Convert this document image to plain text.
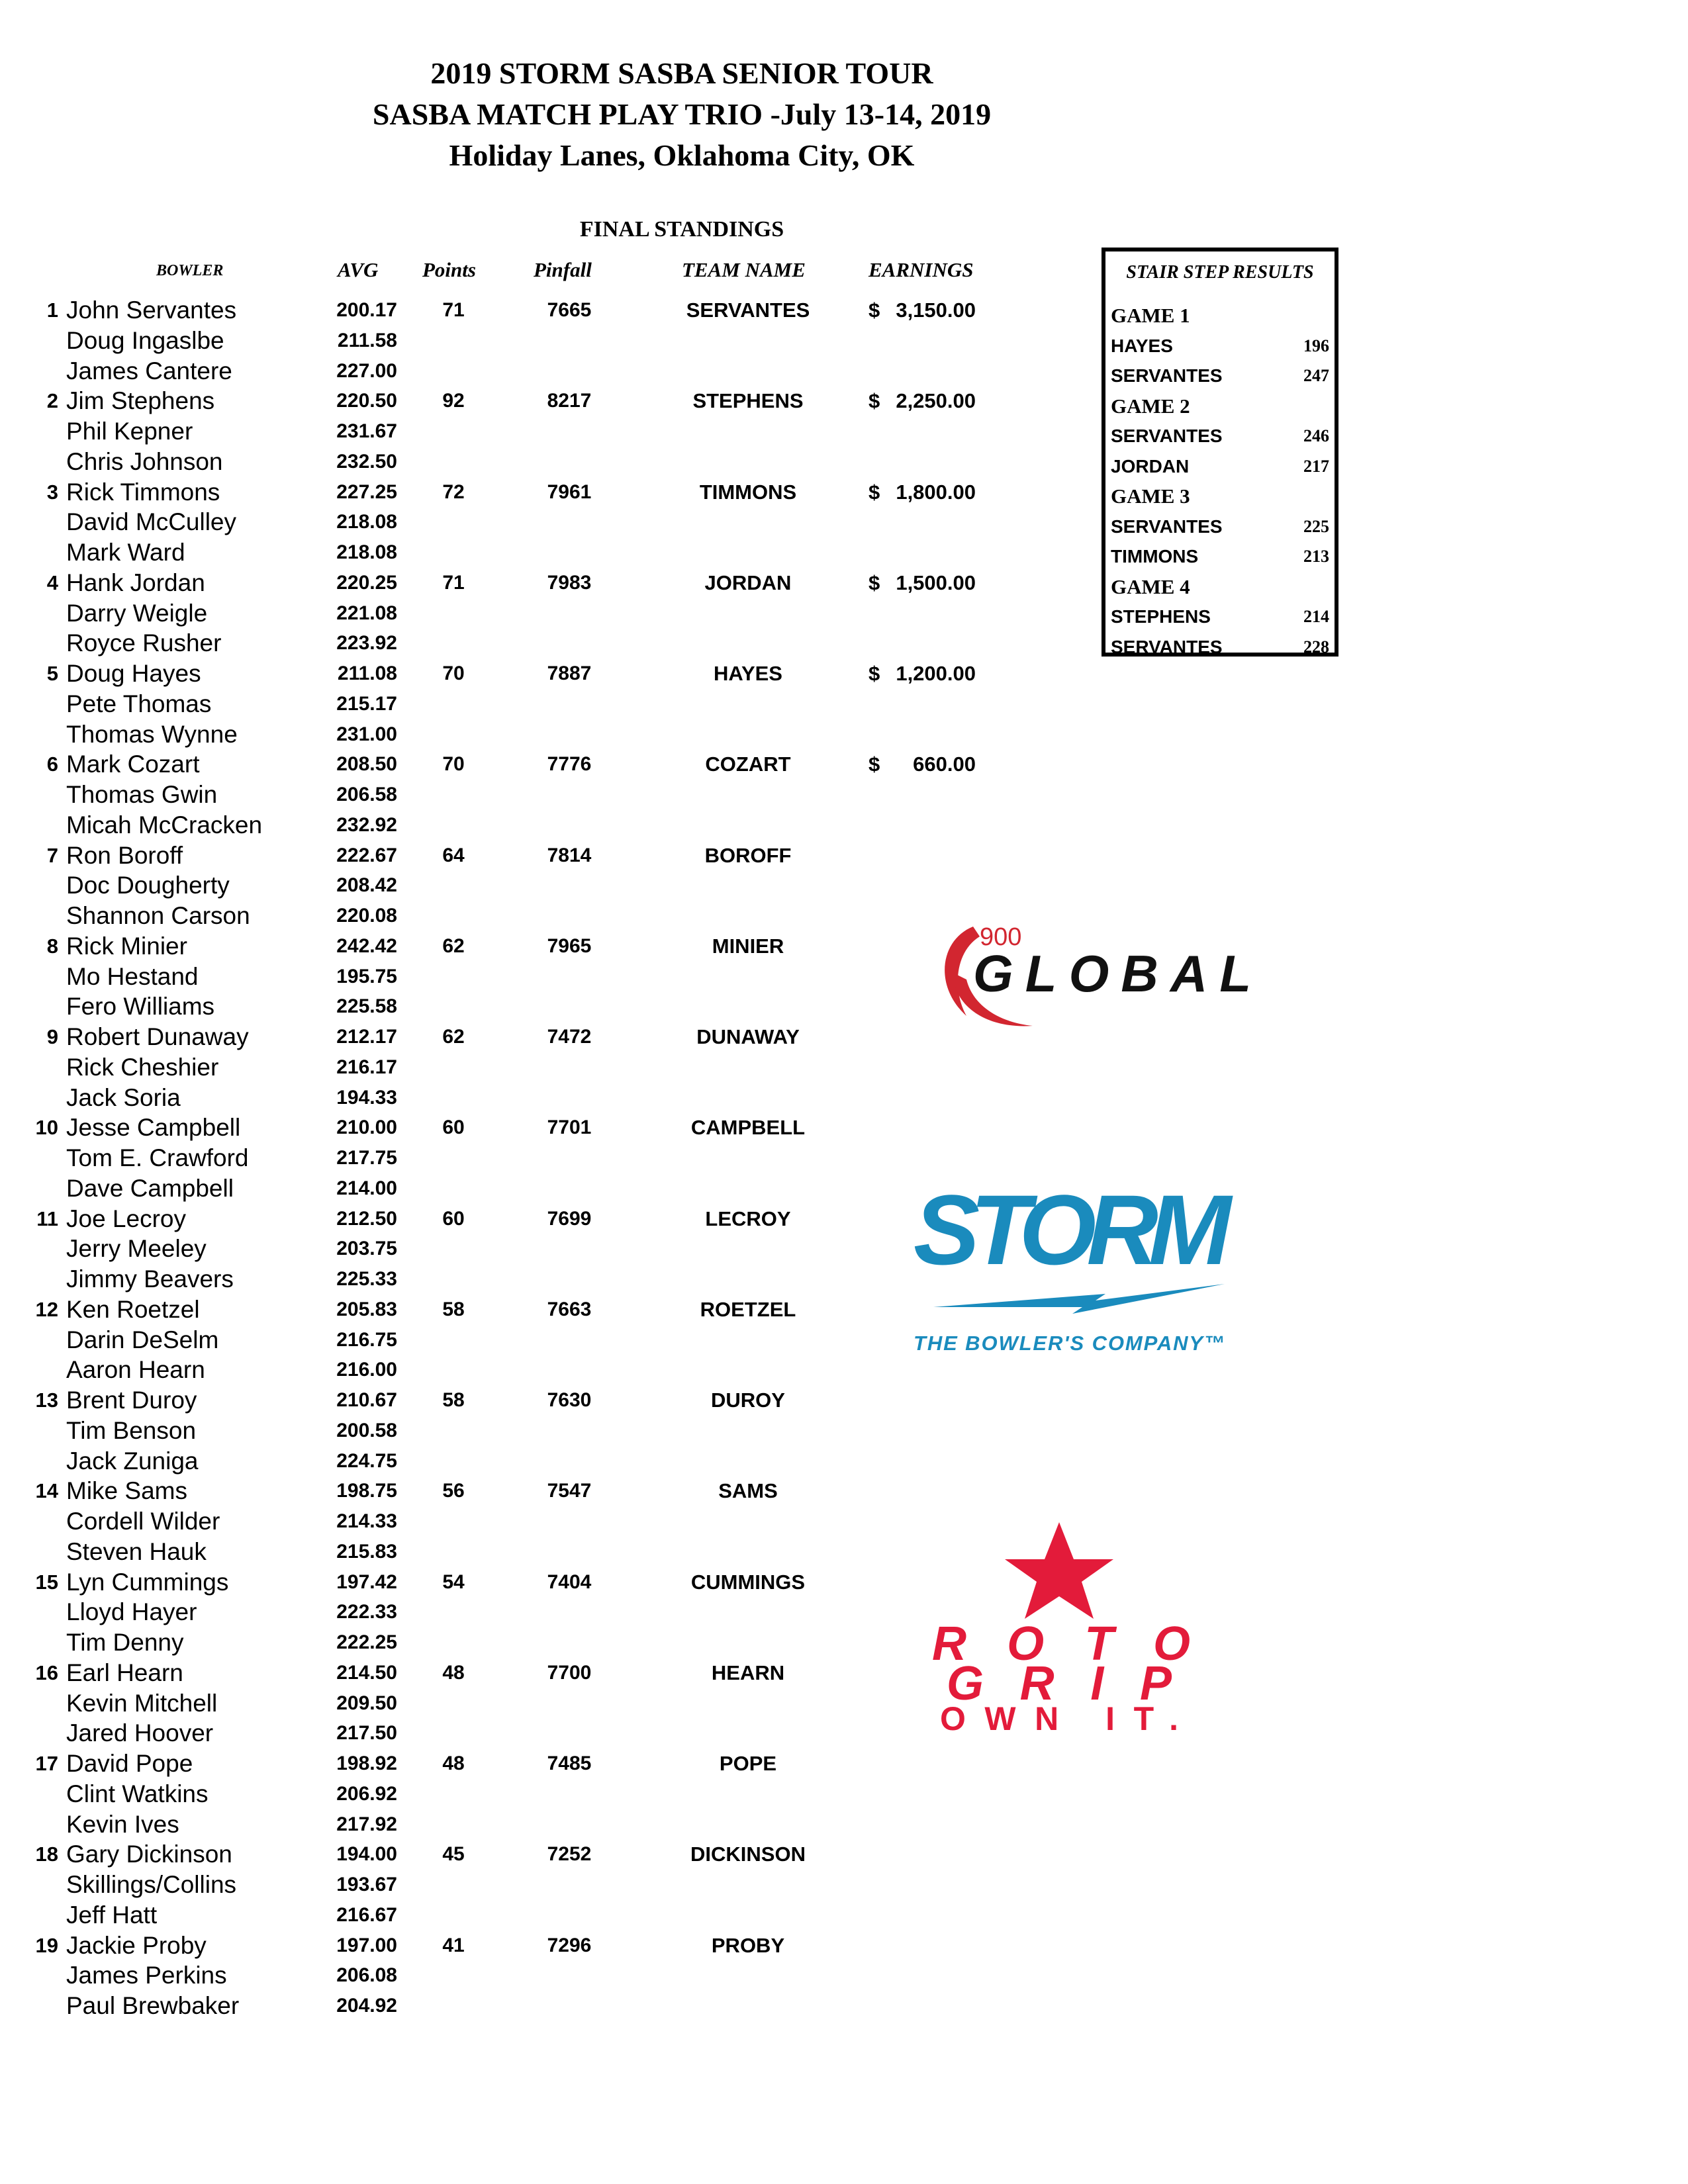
2019 STORM SASBA SENIOR TOUR
SASBA MATCH PLAY TRIO -July 13-14, 2019
Holiday Lanes, Oklahoma City, OK
FINAL STANDINGS
BOWLER	AVG Points	Pinfall	TEAM NAME	EARNINGS
1 John Servantes	200.17	71	7665	SERVANTES	$ 3,150.00
Doug Ingaslbe	211.58
James Cantere	227.00
2 Jim Stephens	220.50	92	8217	STEPHENS	$ 2,250.00
Phil Kepner	231.67
Chris Johnson	232.50
3 Rick Timmons	227.25	72	7961	TIMMONS	$ 1,800.00
David McCulley	218.08
Mark Ward	218.08
4 Hank Jordan	220.25	71	7983	JORDAN	$ 1,500.00
Darry Weigle	221.08
Royce Rusher	223.92
5 Doug Hayes	211.08	70	7887	HAYES	$ 1,200.00
Pete Thomas	215.17
Thomas Wynne	231.00
6 Mark Cozart	208.50	70	7776	COZART	$	660.00
Thomas Gwin	206.58
Micah McCracken	232.92
7 Ron Boroff	222.67	64	7814	BOROFF
Doc Dougherty	208.42
Shannon Carson	220.08
8 Rick Minier	242.42	62	7965	MINIER
Mo Hestand	195.75
Fero Williams	225.58
9 Robert Dunaway	212.17	62	7472	DUNAWAY
Rick Cheshier	216.17
Jack Soria	194.33
10 Jesse Campbell	210.00	60	7701	CAMPBELL
Tom E. Crawford	217.75
Dave Campbell	214.00
11 Joe Lecroy	212.50	60	7699	LECROY
Jerry Meeley	203.75
Jimmy Beavers	225.33
12 Ken Roetzel	205.83	58	7663	ROETZEL
Darin DeSelm	216.75
Aaron Hearn	216.00
13 Brent Duroy	210.67	58	7630	DUROY
Tim Benson	200.58
Jack Zuniga	224.75
14 Mike Sams	198.75	56	7547	SAMS
Cordell Wilder	214.33
Steven Hauk	215.83
15 Lyn Cummings	197.42	54	7404	CUMMINGS
Lloyd Hayer	222.33
Tim Denny	222.25
16 Earl Hearn	214.50	48	7700	HEARN
Kevin Mitchell	209.50
Jared Hoover	217.50
17 David Pope	198.92	48	7485	POPE
Clint Watkins	206.92
Kevin Ives	217.92
18 Gary Dickinson	194.00	45	7252	DICKINSON
Skillings/Collins	193.67
Jeff Hatt	216.67
19 Jackie Proby	197.00	41	7296	PROBY
James Perkins	206.08
Paul Brewbaker	204.92
STAIR STEP RESULTS
GAME 1
HAYES	196
SERVANTES	247
GAME 2
SERVANTES	246
JORDAN	217
GAME 3
SERVANTES	225
TIMMONS	213
GAME 4
STEPHENS	214
SERVANTES	228
900
GLOBAL
STORM
THE BOWLER'S COMPANY™
ROTO
GRIP
OWN IT.
